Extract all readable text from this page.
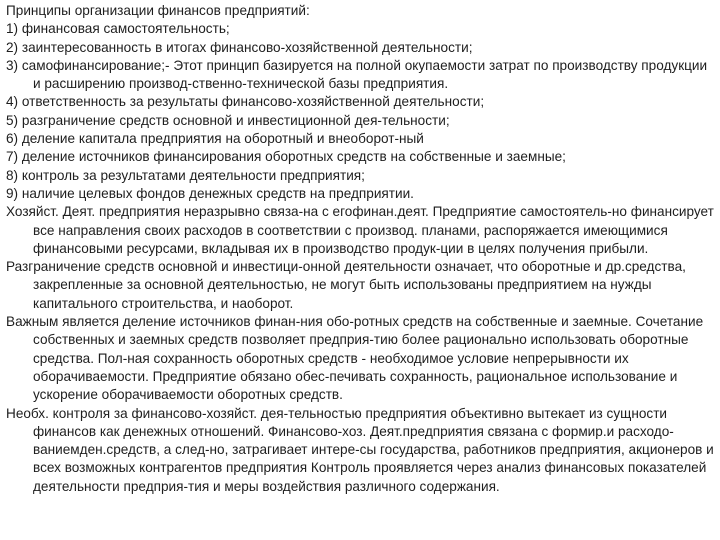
Принципы организации финансов предприятий:

1) финансовая самостоятельность;

2) заинтересованность в итогах финансово-хозяйственной деятельности;

3) самофинансирование;- Этот принцип базируется на полной окупаемости затрат по производству продукции и расширению производ-ственно-технической базы предприятия.

4) ответственность за результаты финансово-хозяйственной деятельности;

5) разграничение средств основной и инвестиционной дея-тельности;

6) деление капитала предприятия на оборотный и внеоборот-ный

7) деление источников финансирования оборотных средств на собственные и заемные;

8) контроль за результатами деятельности предприятия;

9) наличие целевых фондов денежных средств на предприятии.

Хозяйст. Деят. предприятия неразрывно связа-на с егофинан.деят. Предприятие самостоятель-но финансирует все направления своих расходов в соответствии с производ. планами, распоряжается имеющимися финансовыми ресурсами, вкладывая их в производство продук-ции в целях получения прибыли.

Разграничение средств основной и инвестици-онной деятельности означает, что оборотные и др.средства, закрепленные за основной деятельностью, не могут быть использованы предприятием на нужды капитального строительства, и наоборот.

Важным является деление источников финан-ния обо-ротных средств на собственные и заемные. Сочетание собственных и заемных средств позволяет предприя-тию более рационально использовать оборотные средства. Пол-ная сохранность оборотных средств - необходимое условие непрерывности их оборачиваемости. Предприятие обязано обес-печивать сохранность, рациональное использование и ускорение оборачиваемости оборотных средств.

Необх. контроля за финансово-хозяйст. дея-тельностью предприятия объективно вытекает из сущности финансов как денежных отношений. Финансово-хоз. Деят.предприятия связана с формир.и расходо-ваниемден.средств, а след-но, затрагивает интере-сы государства, работников предприятия, акционеров и всех возможных контрагентов предприятия Контроль проявляется через анализ финансовых показателей деятельности предприя-тия и меры воздействия различного содержания.
